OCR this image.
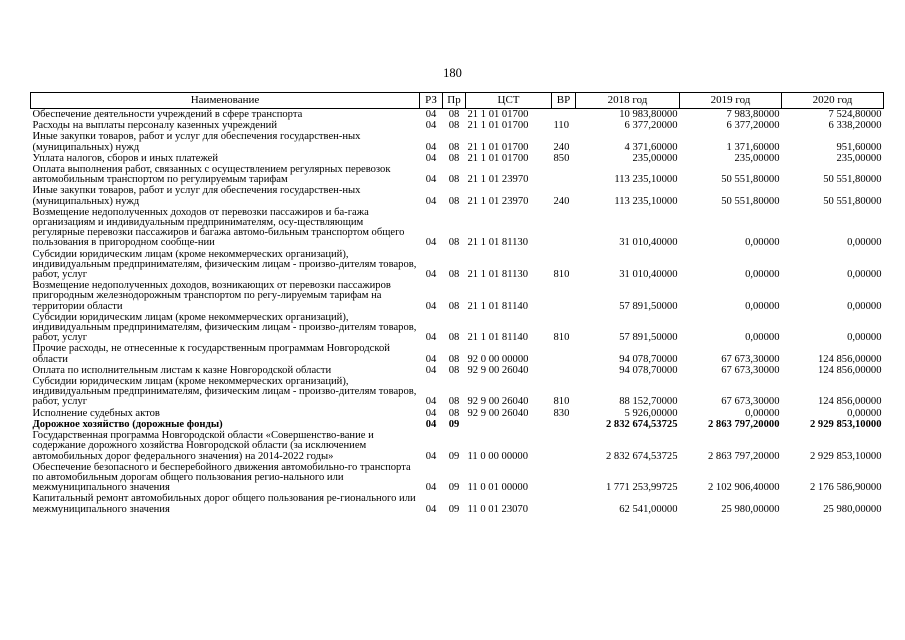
180
Наименование	РЗ	Пр	ЦСТ	ВР	2018 год	2019 год	2020 год
Обеспечение деятельности учреждений в сфере транспорта	04	08	21 1 01 01700		10 983,80000	7 983,80000	7 524,80000
Расходы на выплаты персоналу казенных учреждений	04	08	21 1 01 01700	110	6 377,20000	6 377,20000	6 338,20000
Иные закупки товаров, работ и услуг для обеспечения государствен-ных (муниципальных) нужд	04	08	21 1 01 01700	240	4 371,60000	1 371,60000	951,60000
Уплата налогов, сборов и иных платежей	04	08	21 1 01 01700	850	235,00000	235,00000	235,00000
Оплата выполнения работ, связанных с осуществлением регулярных перевозок автомобильным транспортом по регулируемым тарифам	04	08	21 1 01 23970		113 235,10000	50 551,80000	50 551,80000
Иные закупки товаров, работ и услуг для обеспечения государствен-ных (муниципальных) нужд	04	08	21 1 01 23970	240	113 235,10000	50 551,80000	50 551,80000
Возмещение недополученных доходов от перевозки пассажиров и ба-гажа организациям и индивидуальным предпринимателям, осу-ществляющим регулярные перевозки пассажиров и багажа автомо-бильным транспортом общего пользования в пригородном сообще-нии	04	08	21 1 01 81130		31 010,40000	0,00000	0,00000
Субсидии юридическим лицам (кроме некоммерческих организаций), индивидуальным предпринимателям, физическим лицам - произво-дителям товаров, работ, услуг	04	08	21 1 01 81130	810	31 010,40000	0,00000	0,00000
Возмещение недополученных доходов, возникающих от перевозки пассажиров пригородным железнодорожным транспортом по регу-лируемым тарифам на территории области	04	08	21 1 01 81140		57 891,50000	0,00000	0,00000
Субсидии юридическим лицам (кроме некоммерческих организаций), индивидуальным предпринимателям, физическим лицам - произво-дителям товаров, работ, услуг	04	08	21 1 01 81140	810	57 891,50000	0,00000	0,00000
Прочие расходы, не отнесенные к государственным программам Новгородской области	04	08	92 0 00 00000		94 078,70000	67 673,30000	124 856,00000
Оплата по исполнительным листам к казне Новгородской области	04	08	92 9 00 26040		94 078,70000	67 673,30000	124 856,00000
Субсидии юридическим лицам (кроме некоммерческих организаций), индивидуальным предпринимателям, физическим лицам - произво-дителям товаров, работ, услуг	04	08	92 9 00 26040	810	88 152,70000	67 673,30000	124 856,00000
Исполнение судебных актов	04	08	92 9 00 26040	830	5 926,00000	0,00000	0,00000
Дорожное хозяйство (дорожные фонды)	04	09			2 832 674,53725	2 863 797,20000	2 929 853,10000
Государственная программа Новгородской области «Совершенство-вание и содержание дорожного хозяйства Новгородской области (за исключением автомобильных дорог федерального значения) на 2014-2022 годы»	04	09	11 0 00 00000		2 832 674,53725	2 863 797,20000	2 929 853,10000
Обеспечение безопасного и бесперебойного движения автомобильно-го транспорта по автомобильным дорогам общего пользования регио-нального или межмуниципального значения	04	09	11 0 01 00000		1 771 253,99725	2 102 906,40000	2 176 586,90000
Капитальный ремонт автомобильных дорог общего пользования ре-гионального или межмуниципального значения	04	09	11 0 01 23070		62 541,00000	25 980,00000	25 980,00000
